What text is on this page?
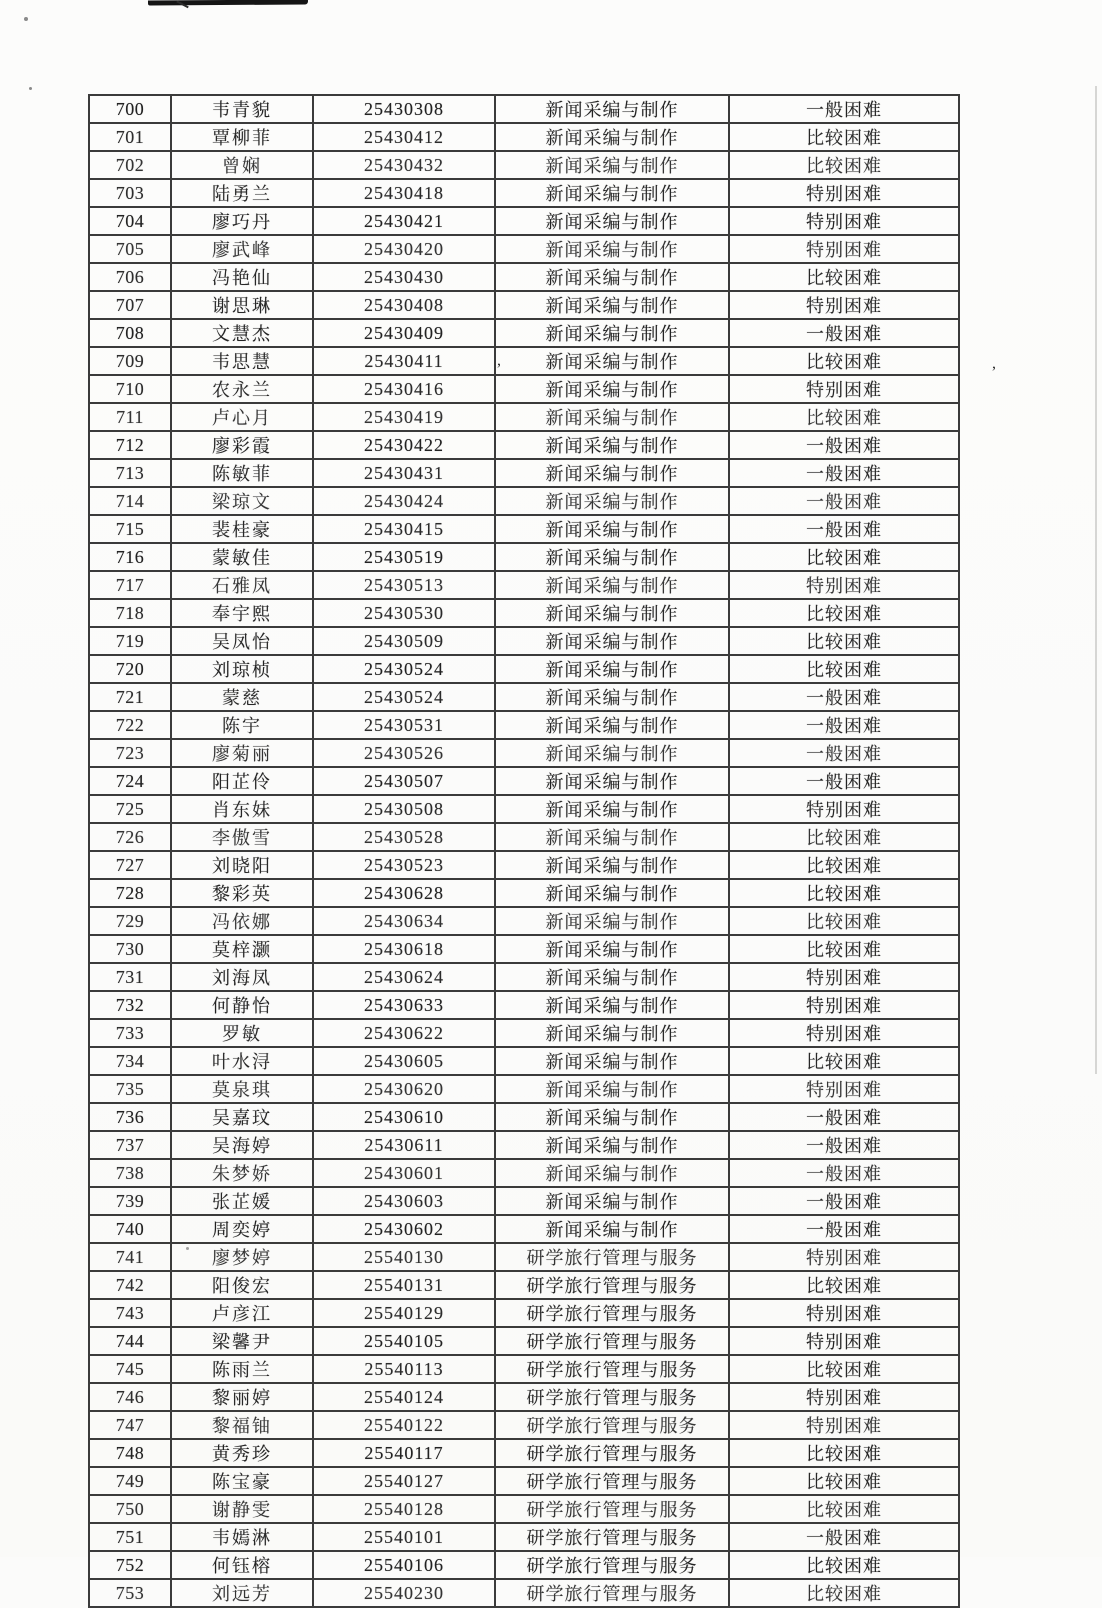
,	,
700	韦青貌	25430308	新闻采编与制作	一般困难
701	覃柳菲	25430412	新闻采编与制作	比较困难
702	曾娴	25430432	新闻采编与制作	比较困难
703	陆勇兰	25430418	新闻采编与制作	特别困难
704	廖巧丹	25430421	新闻采编与制作	特别困难
705	廖武峰	25430420	新闻采编与制作	特别困难
706	冯艳仙	25430430	新闻采编与制作	比较困难
707	谢思琳	25430408	新闻采编与制作	特别困难
708	文慧杰	25430409	新闻采编与制作	一般困难
709	韦思慧	25430411	新闻采编与制作	比较困难
710	农永兰	25430416	新闻采编与制作	特别困难
711	卢心月	25430419	新闻采编与制作	比较困难
712	廖彩霞	25430422	新闻采编与制作	一般困难
713	陈敏菲	25430431	新闻采编与制作	一般困难
714	梁琼文	25430424	新闻采编与制作	一般困难
715	裴桂豪	25430415	新闻采编与制作	一般困难
716	蒙敏佳	25430519	新闻采编与制作	比较困难
717	石雅凤	25430513	新闻采编与制作	特别困难
718	奉宇熙	25430530	新闻采编与制作	比较困难
719	吴凤怡	25430509	新闻采编与制作	比较困难
720	刘琼桢	25430524	新闻采编与制作	比较困难
721	蒙慈	25430524	新闻采编与制作	一般困难
722	陈宇	25430531	新闻采编与制作	一般困难
723	廖菊丽	25430526	新闻采编与制作	一般困难
724	阳芷伶	25430507	新闻采编与制作	一般困难
725	肖东妹	25430508	新闻采编与制作	特别困难
726	李傲雪	25430528	新闻采编与制作	比较困难
727	刘晓阳	25430523	新闻采编与制作	比较困难
728	黎彩英	25430628	新闻采编与制作	比较困难
729	冯依娜	25430634	新闻采编与制作	比较困难
730	莫梓灏	25430618	新闻采编与制作	比较困难
731	刘海凤	25430624	新闻采编与制作	特别困难
732	何静怡	25430633	新闻采编与制作	特别困难
733	罗敏	25430622	新闻采编与制作	特别困难
734	叶水浔	25430605	新闻采编与制作	比较困难
735	莫泉琪	25430620	新闻采编与制作	特别困难
736	吴嘉玟	25430610	新闻采编与制作	一般困难
737	吴海婷	25430611	新闻采编与制作	一般困难
738	朱梦娇	25430601	新闻采编与制作	一般困难
739	张芷媛	25430603	新闻采编与制作	一般困难
740	周奕婷	25430602	新闻采编与制作	一般困难
741	廖梦婷	25540130	研学旅行管理与服务	特别困难
742	阳俊宏	25540131	研学旅行管理与服务	比较困难
743	卢彦江	25540129	研学旅行管理与服务	特别困难
744	梁馨尹	25540105	研学旅行管理与服务	特别困难
745	陈雨兰	25540113	研学旅行管理与服务	比较困难
746	黎丽婷	25540124	研学旅行管理与服务	特别困难
747	黎福铀	25540122	研学旅行管理与服务	特别困难
748	黄秀珍	25540117	研学旅行管理与服务	比较困难
749	陈宝豪	25540127	研学旅行管理与服务	比较困难
750	谢静雯	25540128	研学旅行管理与服务	比较困难
751	韦嫣淋	25540101	研学旅行管理与服务	一般困难
752	何钰榕	25540106	研学旅行管理与服务	比较困难
753	刘远芳	25540230	研学旅行管理与服务	比较困难
